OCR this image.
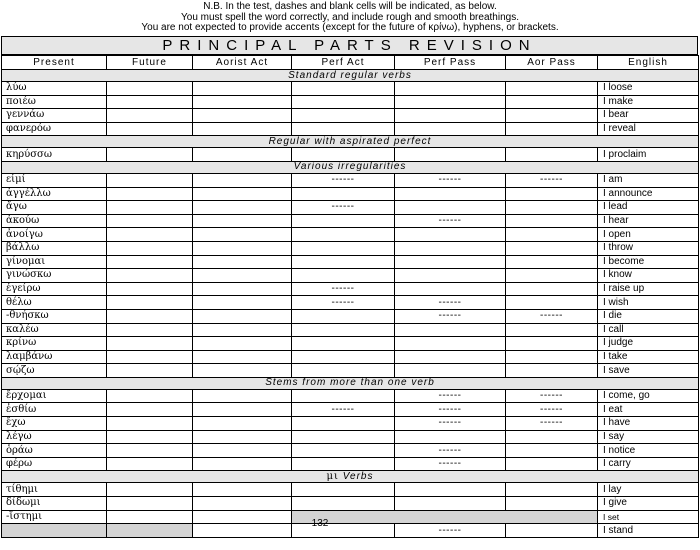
N.B. In the test, dashes and blank cells will be indicated, as below.
You must spell the word correctly, and include rough and smooth breathings.
You are not expected to provide accents (except for the future of κρίνω), hyphens, or brackets.
PRINCIPAL PARTS REVISION
Present	Future	Aorist Act	Perf Act	Perf Pass	Aor Pass	English
Standard regular verbs						
λύω						I loose
ποιέω						I make
γεννάω						I bear
φανερόω						I reveal
Regular with aspirated perfect						
κηρύσσω						I proclaim
Various irregularities						
εἰμί			------	------	------	I am
ἀγγέλλω						I announce
ἄγω			------			I lead
ἀκούω				------		I hear
ἀνοίγω						I open
βάλλω						I throw
γίνομαι						I become
γινώσκω						I know
ἐγείρω			------			I raise up
θέλω			------	------		I wish
-θνήσκω				------	------	I die
καλέω						I call
κρίνω						I judge
λαμβάνω						I take
σῴζω						I save
Stems from more than one verb						
ἔρχομαι				------	------	I come, go
ἐσθίω			------	------	------	I eat
ἔχω				------	------	I have
λέγω						I say
ὁράω				------		I notice
φέρω				------		I carry
μι Verbs						
τίθημι						I lay
δίδωμι						I give
-ἵστημι						I set
				------		I stand
132
